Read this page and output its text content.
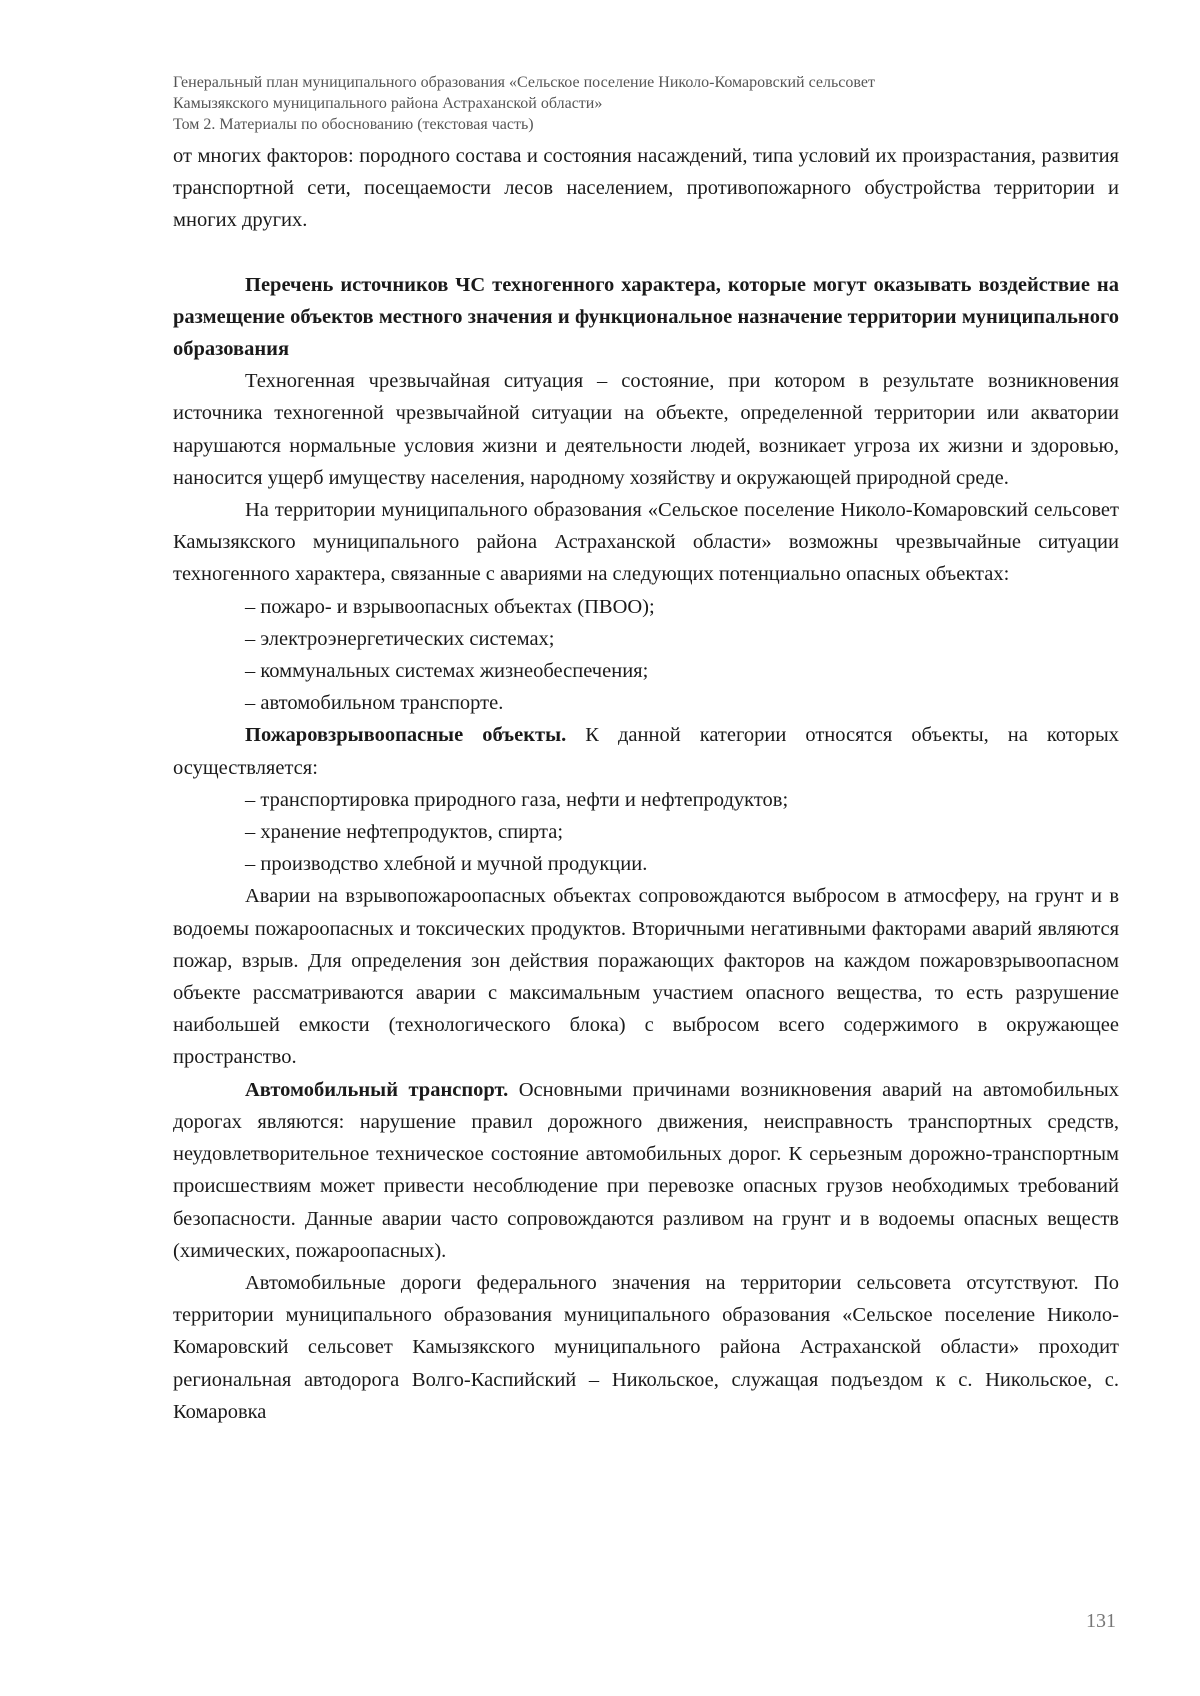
Генеральный план муниципального образования «Сельское поселение Николо-Комаровский сельсовет
Камызякского муниципального района Астраханской области»
Том 2. Материалы по обоснованию (текстовая часть)

от многих факторов: породного состава и состояния насаждений, типа условий их произрастания, развития транспортной сети, посещаемости лесов населением, противопожарного обустройства территории и многих других.

Перечень источников ЧС техногенного характера, которые могут оказывать воздействие на размещение объектов местного значения и функциональное назначение территории муниципального образования

Техногенная чрезвычайная ситуация – состояние, при котором в результате возникновения источника техногенной чрезвычайной ситуации на объекте, определенной территории или акватории нарушаются нормальные условия жизни и деятельности людей, возникает угроза их жизни и здоровью, наносится ущерб имуществу населения, народному хозяйству и окружающей природной среде.

На территории муниципального образования «Сельское поселение Николо-Комаровский сельсовет Камызякского муниципального района Астраханской области» возможны чрезвычайные ситуации техногенного характера, связанные с авариями на следующих потенциально опасных объектах:

– пожаро- и взрывоопасных объектах (ПВОО);

– электроэнергетических системах;

– коммунальных системах жизнеобеспечения;

– автомобильном транспорте.

Пожаровзрывоопасные объекты. К данной категории относятся объекты, на которых осуществляется:

– транспортировка природного газа, нефти и нефтепродуктов;

– хранение нефтепродуктов, спирта;

– производство хлебной и мучной продукции.

Аварии на взрывопожароопасных объектах сопровождаются выбросом в атмосферу, на грунт и в водоемы пожароопасных и токсических продуктов. Вторичными негативными факторами аварий являются пожар, взрыв. Для определения зон действия поражающих факторов на каждом пожаровзрывоопасном объекте рассматриваются аварии с максимальным участием опасного вещества, то есть разрушение наибольшей емкости (технологического блока) с выбросом всего содержимого в окружающее пространство.

Автомобильный транспорт. Основными причинами возникновения аварий на автомобильных дорогах являются: нарушение правил дорожного движения, неисправность транспортных средств, неудовлетворительное техническое состояние автомобильных дорог. К серьезным дорожно-транспортным происшествиям может привести несоблюдение при перевозке опасных грузов необходимых требований безопасности. Данные аварии часто сопровождаются разливом на грунт и в водоемы опасных веществ (химических, пожароопасных).

Автомобильные дороги федерального значения на территории сельсовета отсутствуют. По территории муниципального образования муниципального образования «Сельское поселение Николо-Комаровский сельсовет Камызякского муниципального района Астраханской области» проходит региональная автодорога Волго-Каспийский – Никольское, служащая подъездом к с. Никольское, с. Комаровка

131
